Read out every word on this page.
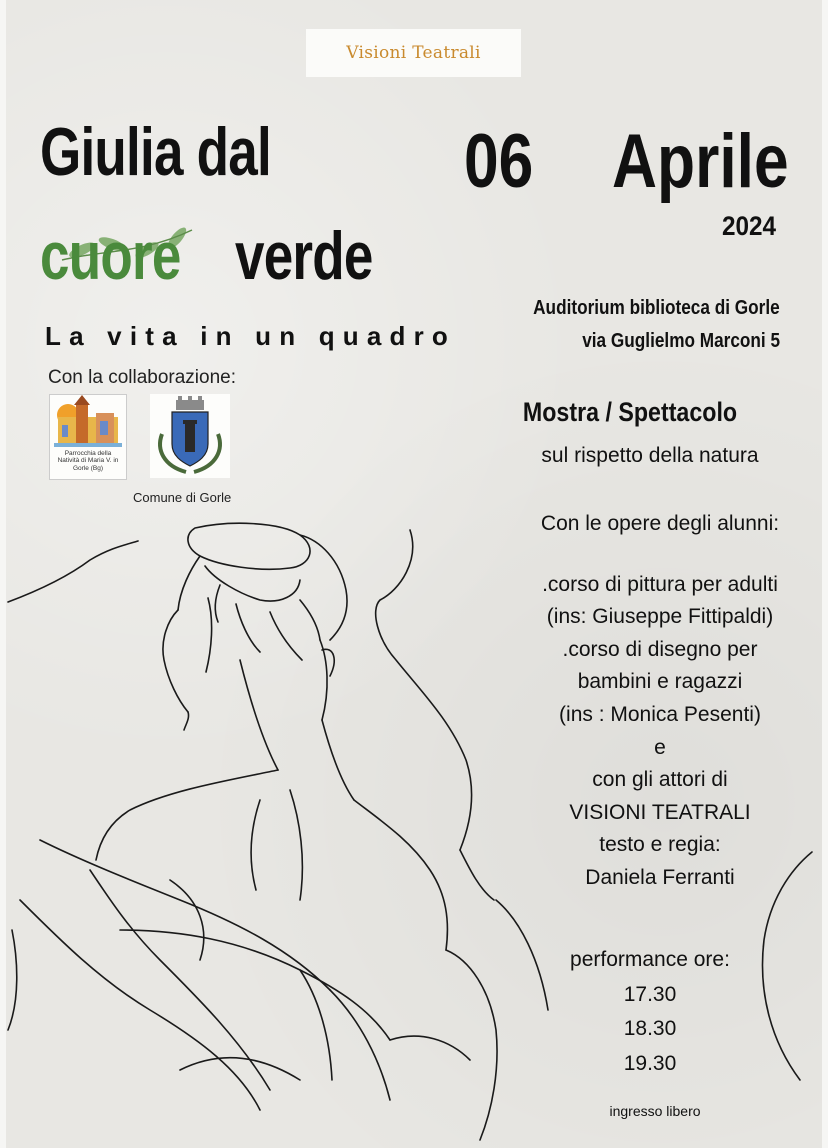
Visioni Teatrali
Giulia dal
cuore verde
06 Aprile
2024
La vita in un quadro
Con la collaborazione:
Parrocchia della Natività di Maria V. in Gorle (Bg)
Comune di Gorle
Auditorium biblioteca di Gorle
via Guglielmo Marconi 5
Mostra / Spettacolo
sul rispetto della natura
Con le opere degli alunni:
.corso di pittura per adulti
(ins: Giuseppe Fittipaldi)
.corso di disegno per
bambini e ragazzi
(ins : Monica Pesenti)
e
con gli attori di
VISIONI TEATRALI
testo e regia:
Daniela Ferranti
performance ore:
17.30
18.30
19.30
ingresso libero
